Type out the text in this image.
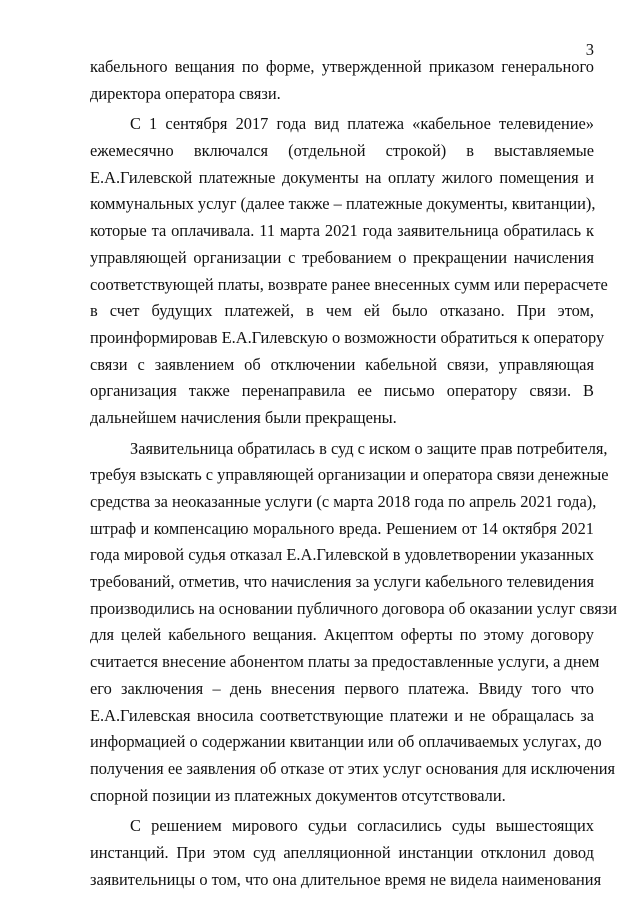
3

кабельного вещания по форме, утвержденной приказом генерального
директора оператора связи.

С 1 сентября 2017 года вид платежа «кабельное телевидение»
ежемесячно включался (отдельной строкой) в выставляемые
Е.А.Гилевской платежные документы на оплату жилого помещения и
коммунальных услуг (далее также – платежные документы, квитанции),
которые та оплачивала. 11 марта 2021 года заявительница обратилась к
управляющей организации с требованием о прекращении начисления
соответствующей платы, возврате ранее внесенных сумм или перерасчете
в счет будущих платежей, в чем ей было отказано. При этом,
проинформировав Е.А.Гилевскую о возможности обратиться к оператору
связи с заявлением об отключении кабельной связи, управляющая
организация также перенаправила ее письмо оператору связи. В
дальнейшем начисления были прекращены.

Заявительница обратилась в суд с иском о защите прав потребителя,
требуя взыскать с управляющей организации и оператора связи денежные
средства за неоказанные услуги (с марта 2018 года по апрель 2021 года),
штраф и компенсацию морального вреда. Решением от 14 октября 2021
года мировой судья отказал Е.А.Гилевской в удовлетворении указанных
требований, отметив, что начисления за услуги кабельного телевидения
производились на основании публичного договора об оказании услуг связи
для целей кабельного вещания. Акцептом оферты по этому договору
считается внесение абонентом платы за предоставленные услуги, а днем
его заключения – день внесения первого платежа. Ввиду того что
Е.А.Гилевская вносила соответствующие платежи и не обращалась за
информацией о содержании квитанции или об оплачиваемых услугах, до
получения ее заявления об отказе от этих услуг основания для исключения
спорной позиции из платежных документов отсутствовали.

С решением мирового судьи согласились суды вышестоящих
инстанций. При этом суд апелляционной инстанции отклонил довод
заявительницы о том, что она длительное время не видела наименования
